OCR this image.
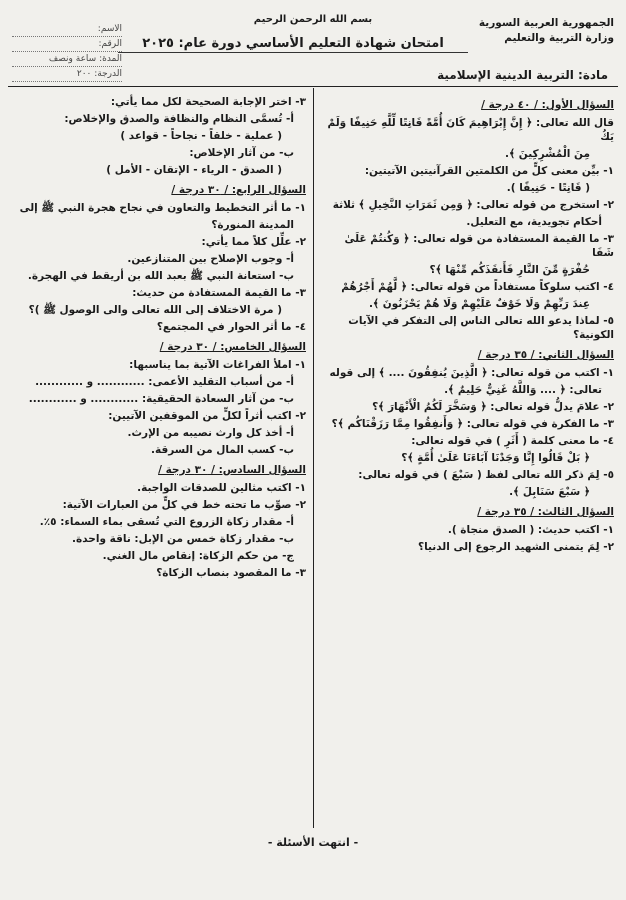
الجمهورية العربية السورية
وزارة التربية والتعليم
بسم الله الرحمن الرحيم
امتحان شهادة التعليم الأساسي دورة عام: ٢٠٢٥
الاسم:
الرقم:
المدة: ساعة ونصف
الدرجة: ٢٠٠	مادة: التربية الدينية الإسلامية
السؤال الأول: / ٤٠ درجة /
قال الله تعالى: ﴿ إِنَّ إِبْرَاهِيمَ كَانَ أُمَّةً قَانِتًا لِّلَّهِ حَنِيفًا وَلَمْ يَكُ
مِنَ الْمُشْرِكِينَ ﴾.
١- بيِّن معنى كلٍّ من الكلمتين القرآنيتين الآتيتين:
( قَانِتًا - حَنِيفًا ).
٢- استخرج من قوله تعالى: ﴿ وَمِن ثَمَرَاتِ النَّخِيلِ ﴾ ثلاثة
أحكام تجويدية، مع التعليل.
٣- ما القيمة المستفادة من قوله تعالى: ﴿ وَكُنتُمْ عَلَىٰ شَفَا
حُفْرَةٍ مِّنَ النَّارِ فَأَنقَذَكُم مِّنْهَا ﴾؟
٤- اكتب سلوكاً مستفاداً من قوله تعالى: ﴿ لَّهُمْ أَجْرُهُمْ
عِندَ رَبِّهِمْ وَلَا خَوْفٌ عَلَيْهِمْ وَلَا هُمْ يَحْزَنُونَ ﴾.
٥- لماذا يدعو الله تعالى الناس إلى التفكر في الآيات الكونية؟
السؤال الثاني: / ٣٥ درجة /
١- اكتب من قوله تعالى: ﴿ الَّذِينَ يُنفِقُونَ .... ﴾ إلى قوله
تعالى: ﴿ .... وَاللَّهُ غَنِيٌّ حَلِيمٌ ﴾.
٢- علامَ يدلُّ قوله تعالى: ﴿ وَسَخَّرَ لَكُمُ الْأَنْهَارَ ﴾؟
٣- ما الفكرة في قوله تعالى: ﴿ وَأَنفِقُوا مِمَّا رَزَقْنَاكُم ﴾؟
٤- ما معنى كلمة ( أَثَرِ ) في قوله تعالى:
﴿ بَلْ قَالُوا إِنَّا وَجَدْنَا آبَاءَنَا عَلَىٰ أُمَّةٍ ﴾؟
٥- لِمَ ذكر الله تعالى لفظ ( سَبْعَ ) في قوله تعالى:
﴿ سَبْعَ سَنَابِلَ ﴾.
السؤال الثالث: / ٣٥ درجة /
١- اكتب حديث: ( الصدق منجاة ).
٢- لِمَ يتمنى الشهيد الرجوع إلى الدنيا؟
٣- اختر الإجابة الصحيحة لكل مما يأتي:
أ- تُسمَّى النظام والنظافة والصدق والإخلاص:
( عملية - خلقاً - نجاحاً - قواعد )
ب- من آثار الإخلاص:
( الصدق - الرياء - الإتقان - الأمل )
السؤال الرابع: / ٣٠ درجة /
١- ما أثر التخطيط والتعاون في نجاح هجرة النبي ﷺ إلى
المدينة المنورة؟
٢- علِّل كلاً مما يأتي:
أ- وجوب الإصلاح بين المتنازعين.
ب- استعانة النبي ﷺ بعبد الله بن أريقط في الهجرة.
٣- ما القيمة المستفادة من حديث:
( مرة الاختلاف إلى الله تعالى والى الوصول ﷺ )؟
٤- ما أثر الحوار في المجتمع؟
السؤال الخامس: / ٣٠ درجة /
١- املأ الفراغات الآتية بما يناسبها:
أ- من أسباب التقليد الأعمى: ............ و ............
ب- من آثار السعادة الحقيقية: ............ و ............
٢- اكتب أثراً لكلٍّ من الموقفين الآتيين:
أ- أخذ كل وارث نصيبه من الإرث.
ب- كسب المال من السرقة.
السؤال السادس: / ٣٠ درجة /
١- اكتب مثالين للصدقات الواجبة.
٢- صوِّب ما تحته خط في كلٍّ من العبارات الآتية:
أ- مقدار زكاة الزروع التي تُسقى بماء السماء: ٥٪.
ب- مقدار زكاة خمس من الإبل: ناقة واحدة.
ج- من حكم الزكاة: إنقاص مال الغني.
٣- ما المقصود بنصاب الزكاة؟
- انتهت الأسئلة -
